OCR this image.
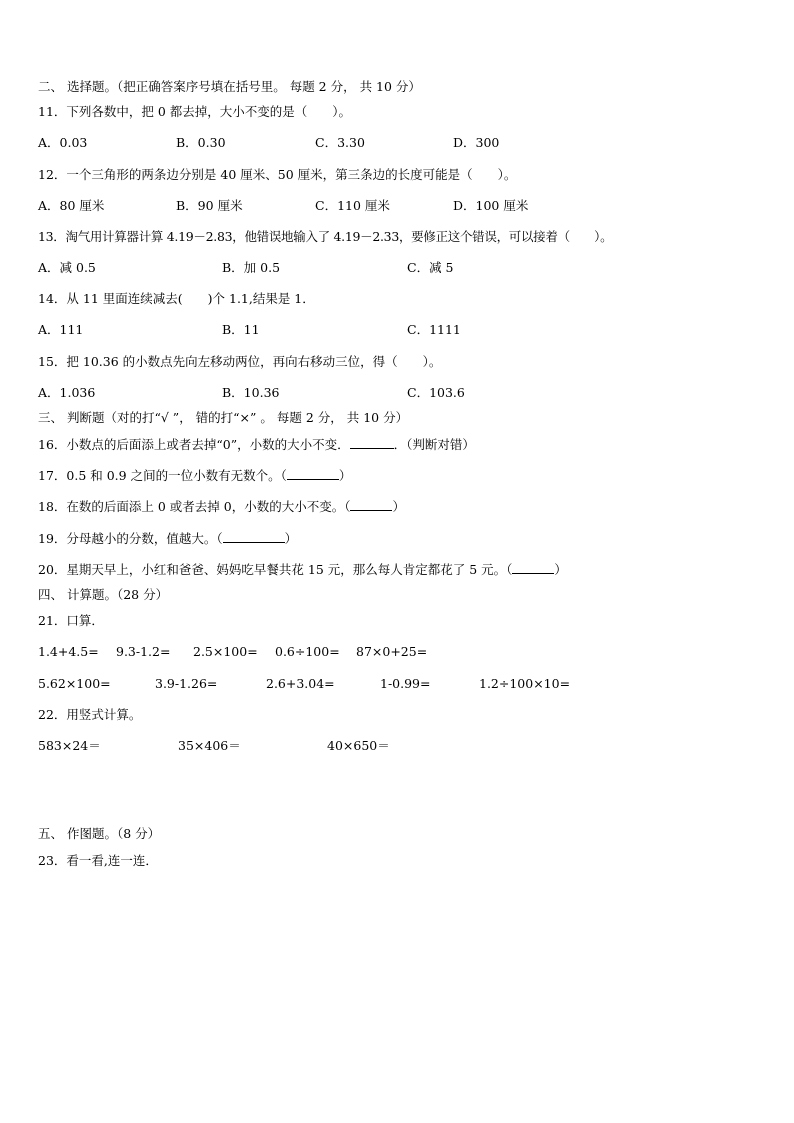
二、 选择题。（把正确答案序号填在括号里。 每题 2 分， 共 10 分）
11．下列各数中，把 0 都去掉，大小不变的是（　　）。
A．0.03	B．0.30	C．3.30	D．300
12．一个三角形的两条边分别是 40 厘米、50 厘米，第三条边的长度可能是（　　）。
A．80 厘米	B．90 厘米	C．110 厘米	D．100 厘米
13．淘气用计算器计算 4.19－2.83，他错误地输入了 4.19－2.33，要修正这个错误，可以接着（　　）。
A．减 0.5	B．加 0.5	C．减 5
14．从 11 里面连续减去(　　)个 1.1,结果是 1．
A．111	B．11	C．1111
15．把 10.36 的小数点先向左移动两位，再向右移动三位，得（　　）。
A．1.036	B．10.36	C．103.6
三、 判断题（对的打“√ ”， 错的打“×” 。 每题 2 分， 共 10 分）
16．小数点的后面添上或者去掉“0”，小数的大小不变．	．（判断对错）
17．0.5 和 0.9 之间的一位小数有无数个。（	）
18．在数的后面添上 0 或者去掉 0，小数的大小不变。（	）
19．分母越小的分数，值越大。（	）
20．星期天早上，小红和爸爸、妈妈吃早餐共花 15 元，那么每人肯定都花了 5 元。（	）
四、 计算题。（28 分）
21．口算．
1.4+4.5= 9.3-1.2= 2.5×100= 0.6÷100= 87×0+25=
5.62×100=	3.9-1.26=	2.6+3.04=	1-0.99=	1.2÷100×10=
22．用竖式计算。
583×24＝	35×406＝	40×650＝
五、 作图题。（8 分）
23．看一看,连一连．
